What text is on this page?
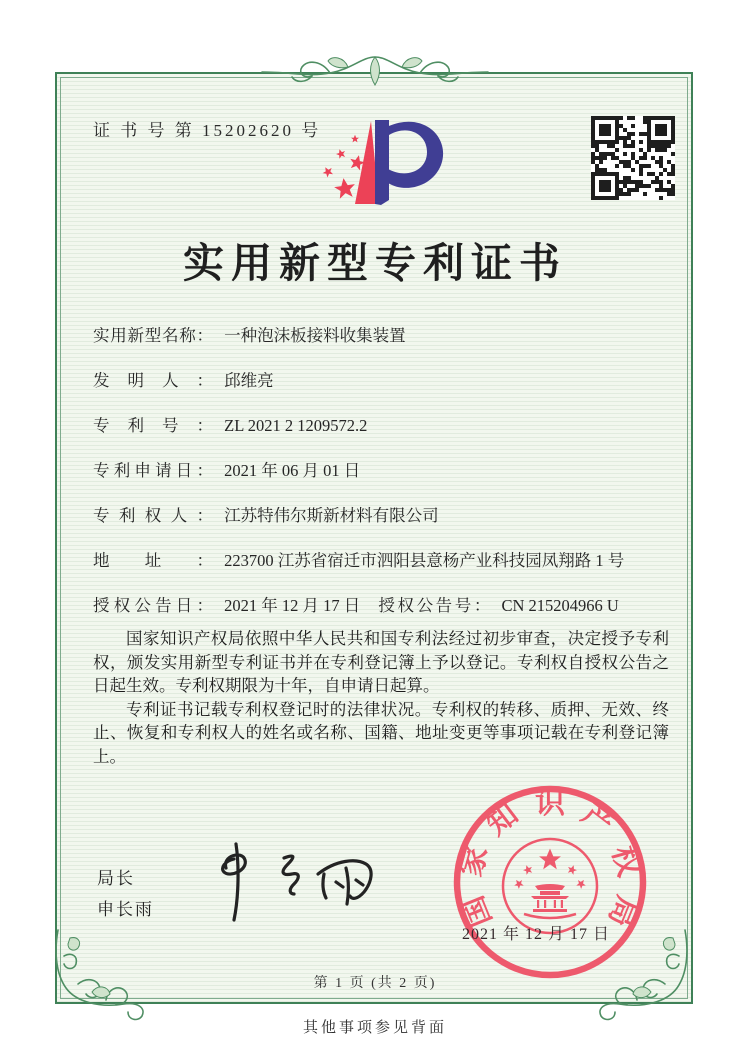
证 书 号 第 15202620 号
实用新型专利证书
实用新型名称： 一种泡沫板接料收集装置
发明人： 邱维亮
专利号： ZL 2021 2 1209572.2
专利申请日： 2021 年 06 月 01 日
专利权人： 江苏特伟尔斯新材料有限公司
地址： 223700 江苏省宿迁市泗阳县意杨产业科技园凤翔路 1 号
授权公告日： 2021 年 12 月 17 日 授权公告号： CN 215204966 U

国家知识产权局依照中华人民共和国专利法经过初步审查，决定授予专利权，颁发实用新型专利证书并在专利登记簿上予以登记。专利权自授权公告之日起生效。专利权期限为十年，自申请日起算。

专利证书记载专利权登记时的法律状况。专利权的转移、质押、无效、终止、恢复和专利权人的姓名或名称、国籍、地址变更等事项记载在专利登记簿上。

局长
申长雨	国
家
知 识 产
权
局
2021 年 12 月 17 日
第 1 页 (共 2 页)
其他事项参见背面
